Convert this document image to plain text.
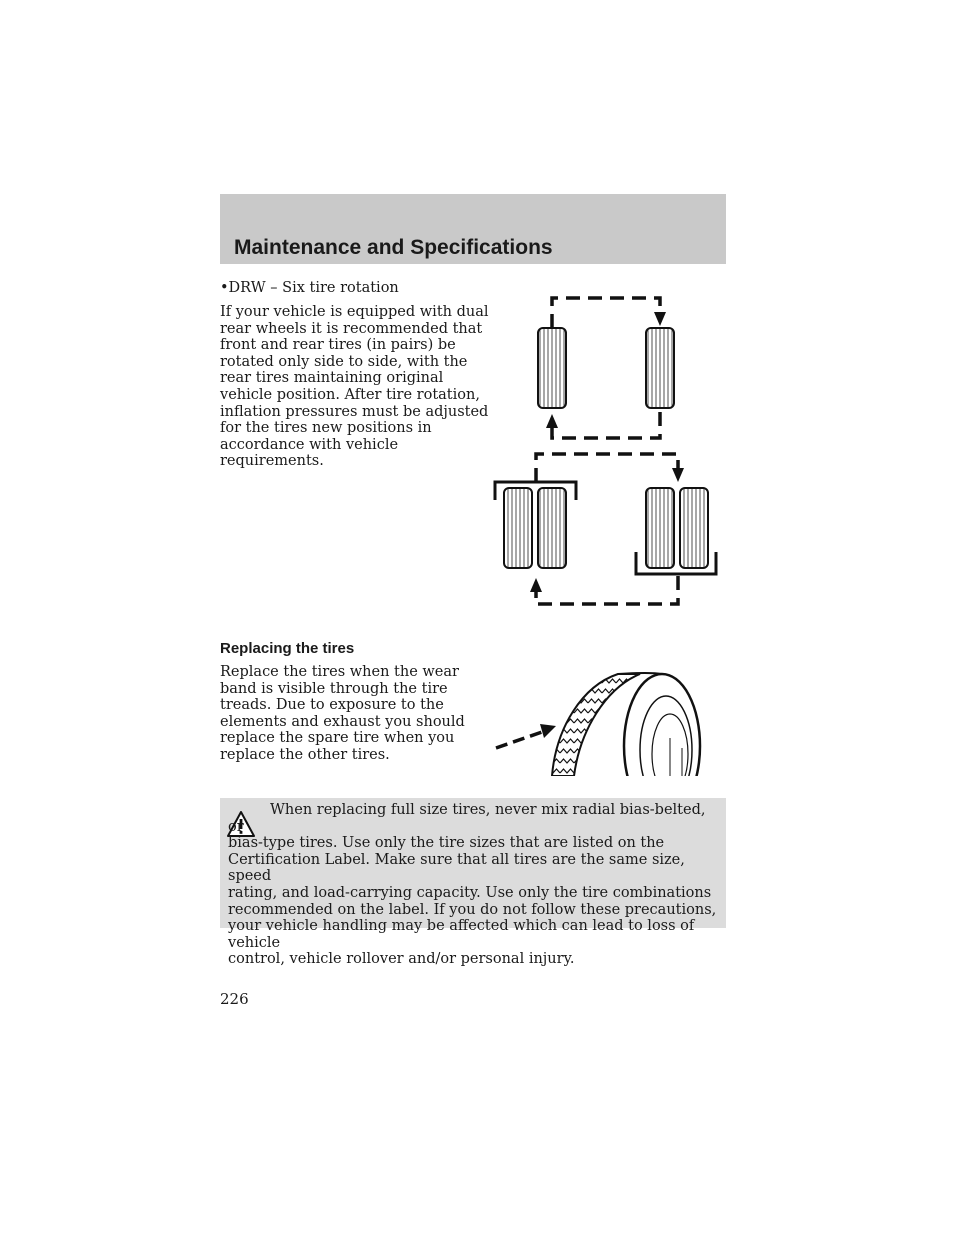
Maintenance and Specifications
•DRW – Six tire rotation

If your vehicle is equipped with dual
rear wheels it is recommended that
front and rear tires (in pairs) be
rotated only side to side, with the
rear tires maintaining original
vehicle position. After tire rotation,
inflation pressures must be adjusted
for the tires new positions in
accordance with vehicle
requirements.

Replacing the tires

Replace the tires when the wear
band is visible through the tire
treads. Due to exposure to the
elements and exhaust you should
replace the spare tire when you
replace the other tires.

When replacing full size tires, never mix radial bias-belted, or
bias-type tires. Use only the tire sizes that are listed on the
Certification Label. Make sure that all tires are the same size, speed
rating, and load-carrying capacity. Use only the tire combinations
recommended on the label. If you do not follow these precautions,
your vehicle handling may be affected which can lead to loss of vehicle
control, vehicle rollover and/or personal injury.

226
